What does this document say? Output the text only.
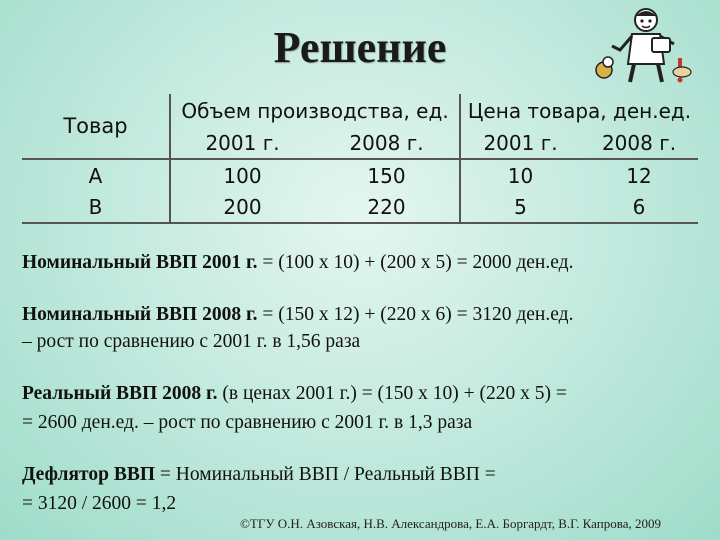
Решение
Товар	Объем производства, ед.		Цена товара, ден.ед.	
	2001 г.	2008 г.	2001 г.	2008 г.
А	100	150	10	12
В	200	220	5	6
Номинальный ВВП 2001 г. = (100 х 10) + (200 х 5) = 2000 ден.ед.
Номинальный ВВП 2008 г. = (150 х 12) + (220 х 6) = 3120 ден.ед.
– рост по сравнению с 2001 г. в 1,56 раза
Реальный ВВП 2008 г. (в ценах 2001 г.) = (150 х 10) + (220 х 5) =
= 2600 ден.ед. – рост по сравнению с 2001 г. в 1,3 раза
Дефлятор ВВП = Номинальный ВВП / Реальный ВВП =
= 3120 / 2600 = 1,2
©ТГУ О.Н. Азовская, Н.В. Александрова, Е.А. Боргардт, В.Г. Капрова, 2009
